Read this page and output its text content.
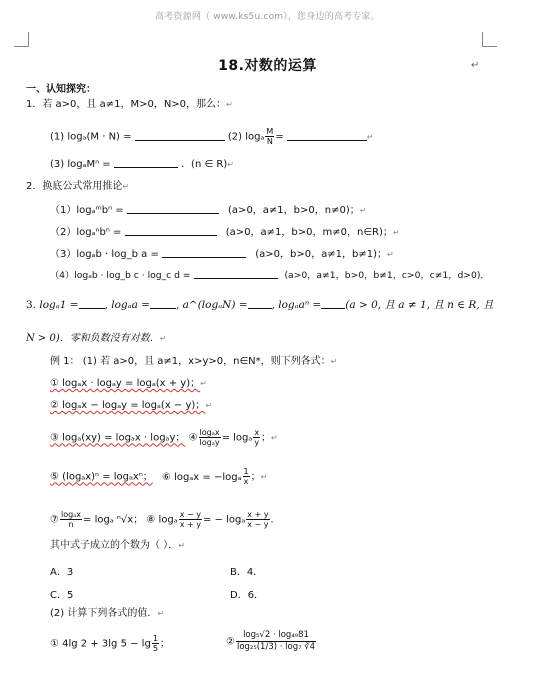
高考资源网（ www.ks5u.com），您身边的高考专家。
18.对数的运算	↵
一、认知探究：
1．若 a>0，且 a≠1，M>0，N>0，那么：↵
(1) logₐ(M · N) =	(2) logₐ $\frac{M}{N}$ =	↵
(3) logₐMⁿ =	．(n ∈ R)↵
2．换底公式常用推论↵
（1）logₐᵐbⁿ =	(a>0，a≠1，b>0，n≠0)；↵
（2）logₐⁿbⁿ =	(a>0，a≠1，b>0，m≠0，n∈R)；↵
（3）logₐb · log_b a =	(a>0，b>0，a≠1，b≠1)；↵
（4）logₐb · log_b c · log_c d =	(a>0，a≠1，b>0，b≠1，c>0，c≠1，d>0)．
3. logₐ1 = , logₐa = , a^(logₐN) = , logₐaⁿ = (a > 0, 且 a ≠ 1, 且 n ∈ R, 且
N > 0)．零和负数没有对数．↵
例 1： (1) 若 a>0，且 a≠1，x>y>0，n∈N*，则下列各式：↵
① logₐx · logₐy = logₐ(x + y)；↵
② logₐx − logₐy = logₐ(x − y)；↵
③ logₐ(xy) = logₐx · logₐy； ④ $\frac{\text{logₐx}}{\text{logₐy}} = \log_a \frac{x}{y}$ ；↵
⑤ (logₐx)ⁿ = logₐxⁿ； ⑥ $\log_ax = -\log_a \frac{1}{x}$ ；↵
⑦ $\frac{\text{logₐx}}{n} = \log_a$ ⁿ√x； ⑧ logₐ $\frac{x - y}{x + y}$ = − logₐ $\frac{x + y}{x - y}$ ．
其中式子成立的个数为（ ）．↵
A．3	B．4．
C．5	D．6．
(2) 计算下列各式的值．↵
① 4lg 2 + 3lg $5 - \lg \frac{1}{5}$ ；	② $\frac{\text{log₅√2 · log₄₉81}}{\text{log₂₅(1/3) · log₇ ∛4}}$
